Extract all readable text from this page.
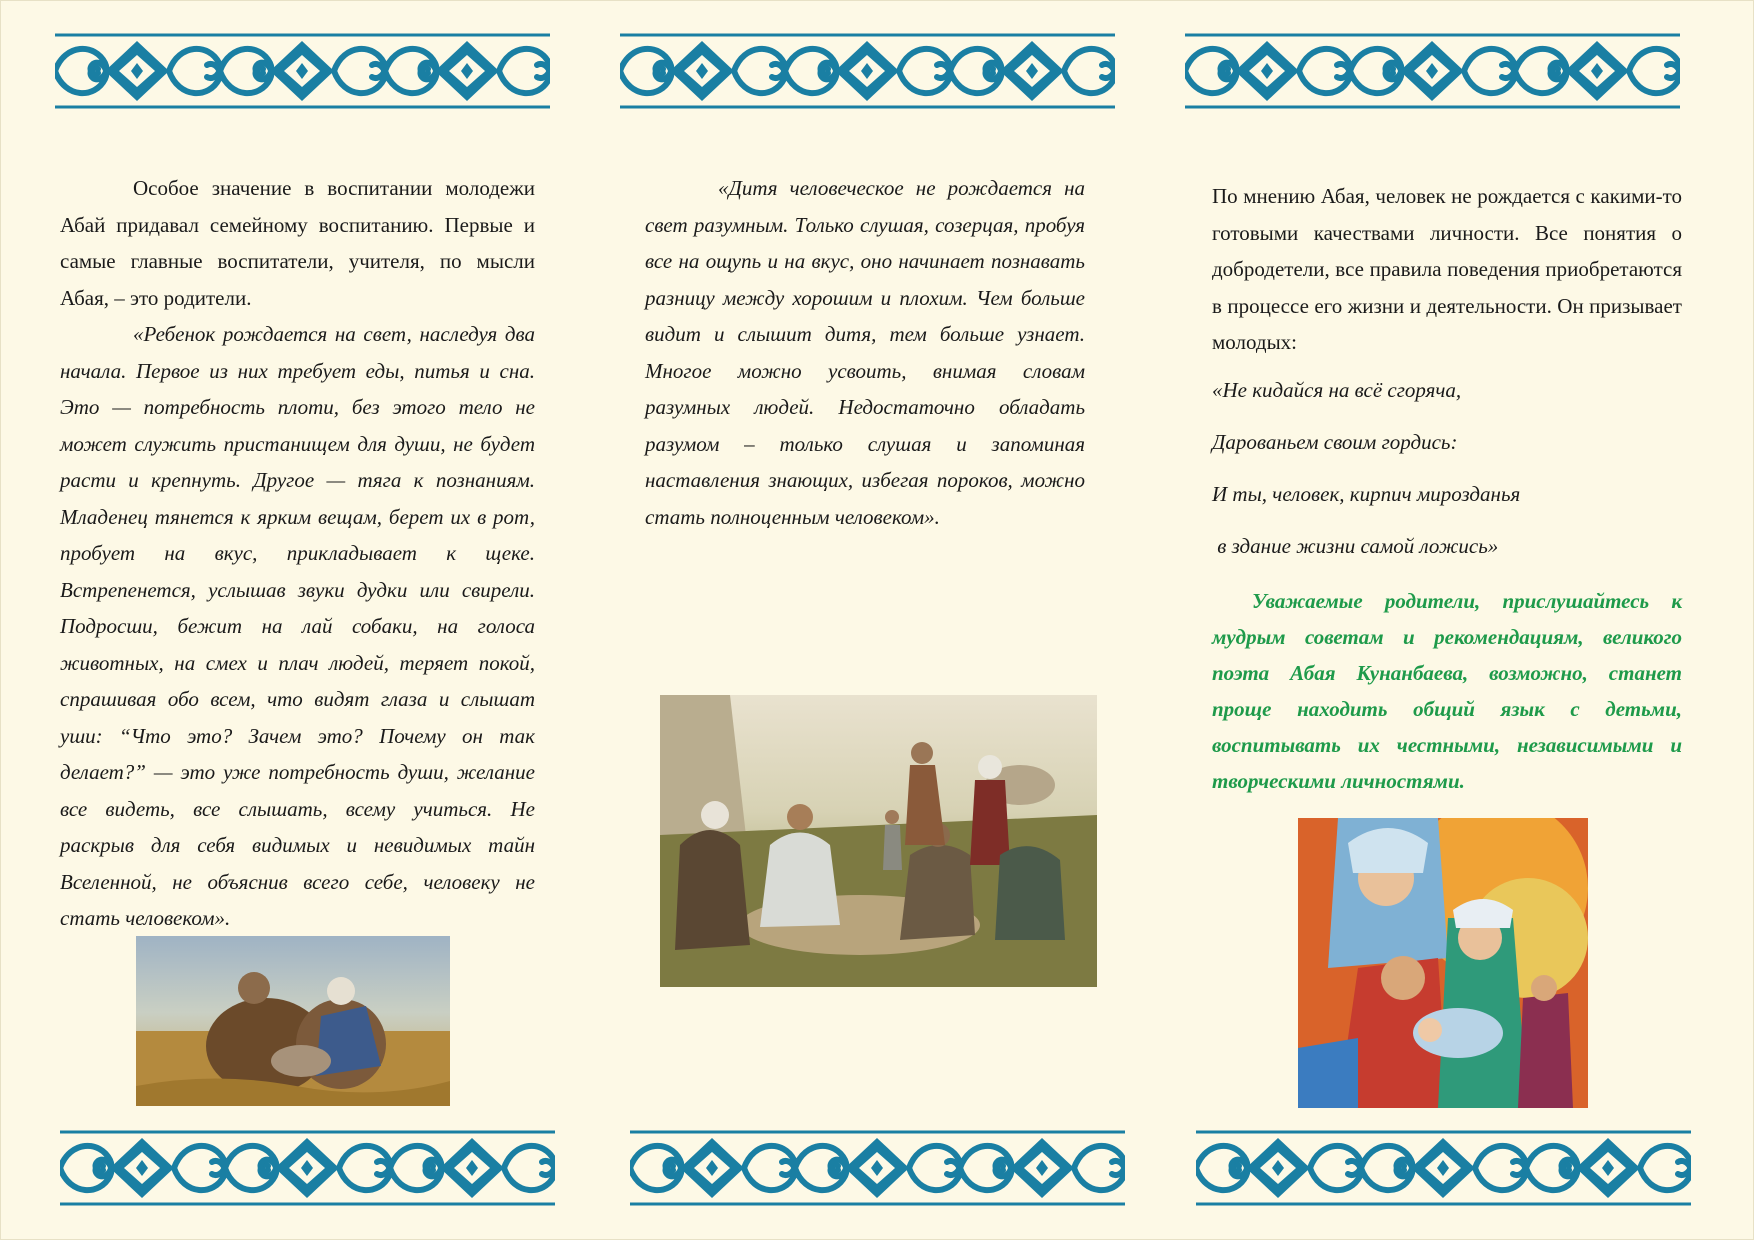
Особое значение в воспитании молодежи Абай придавал семейному воспитанию. Первые и самые главные воспитатели, учителя, по мысли Абая, – это родители.

«Ребенок рождается на свет, наследуя два начала. Первое из них требует еды, питья и сна. Это — потребность плоти, без этого тело не может служить пристанищем для души, не будет расти и крепнуть. Другое — тяга к познаниям. Младенец тянется к ярким вещам, берет их в рот, пробует на вкус, прикладывает к щеке. Встрепенется, услышав звуки дудки или свирели. Подросши, бежит на лай собаки, на голоса животных, на смех и плач людей, теряет покой, спрашивая обо всем, что видят глаза и слышат уши: “Что это? Зачем это? Почему он так делает?” — это уже потребность души, желание все видеть, все слышать, всему учиться. Не раскрыв для себя видимых и невидимых тайн Вселенной, не объяснив всего себе, человеку не стать человеком».

«Дитя человеческое не рождается на свет разумным. Только слушая, созерцая, пробуя все на ощупь и на вкус, оно начинает познавать разницу между хорошим и плохим. Чем больше видит и слышит дитя, тем больше узнает. Многое можно усвоить, внимая словам разумных людей. Недостаточно обладать разумом – только слушая и запоминая наставления знающих, избегая пороков, можно стать полноценным человеком».

По мнению Абая, человек не рождается с какими-то готовыми качествами личности. Все понятия о добродетели, все правила поведения приобретаются в процессе его жизни и деятельности. Он призывает молодых:

«Не кидайся на всё сгоряча,

Дарованьем своим гордись:

И ты, человек, кирпич мирозданья

в здание жизни самой ложись»

Уважаемые родители, прислушайтесь к мудрым советам и рекомендациям, великого поэта Абая Кунанбаева, возможно, станет проще находить общий язык с детьми, воспитывать их честными, независимыми и творческими личностями.
